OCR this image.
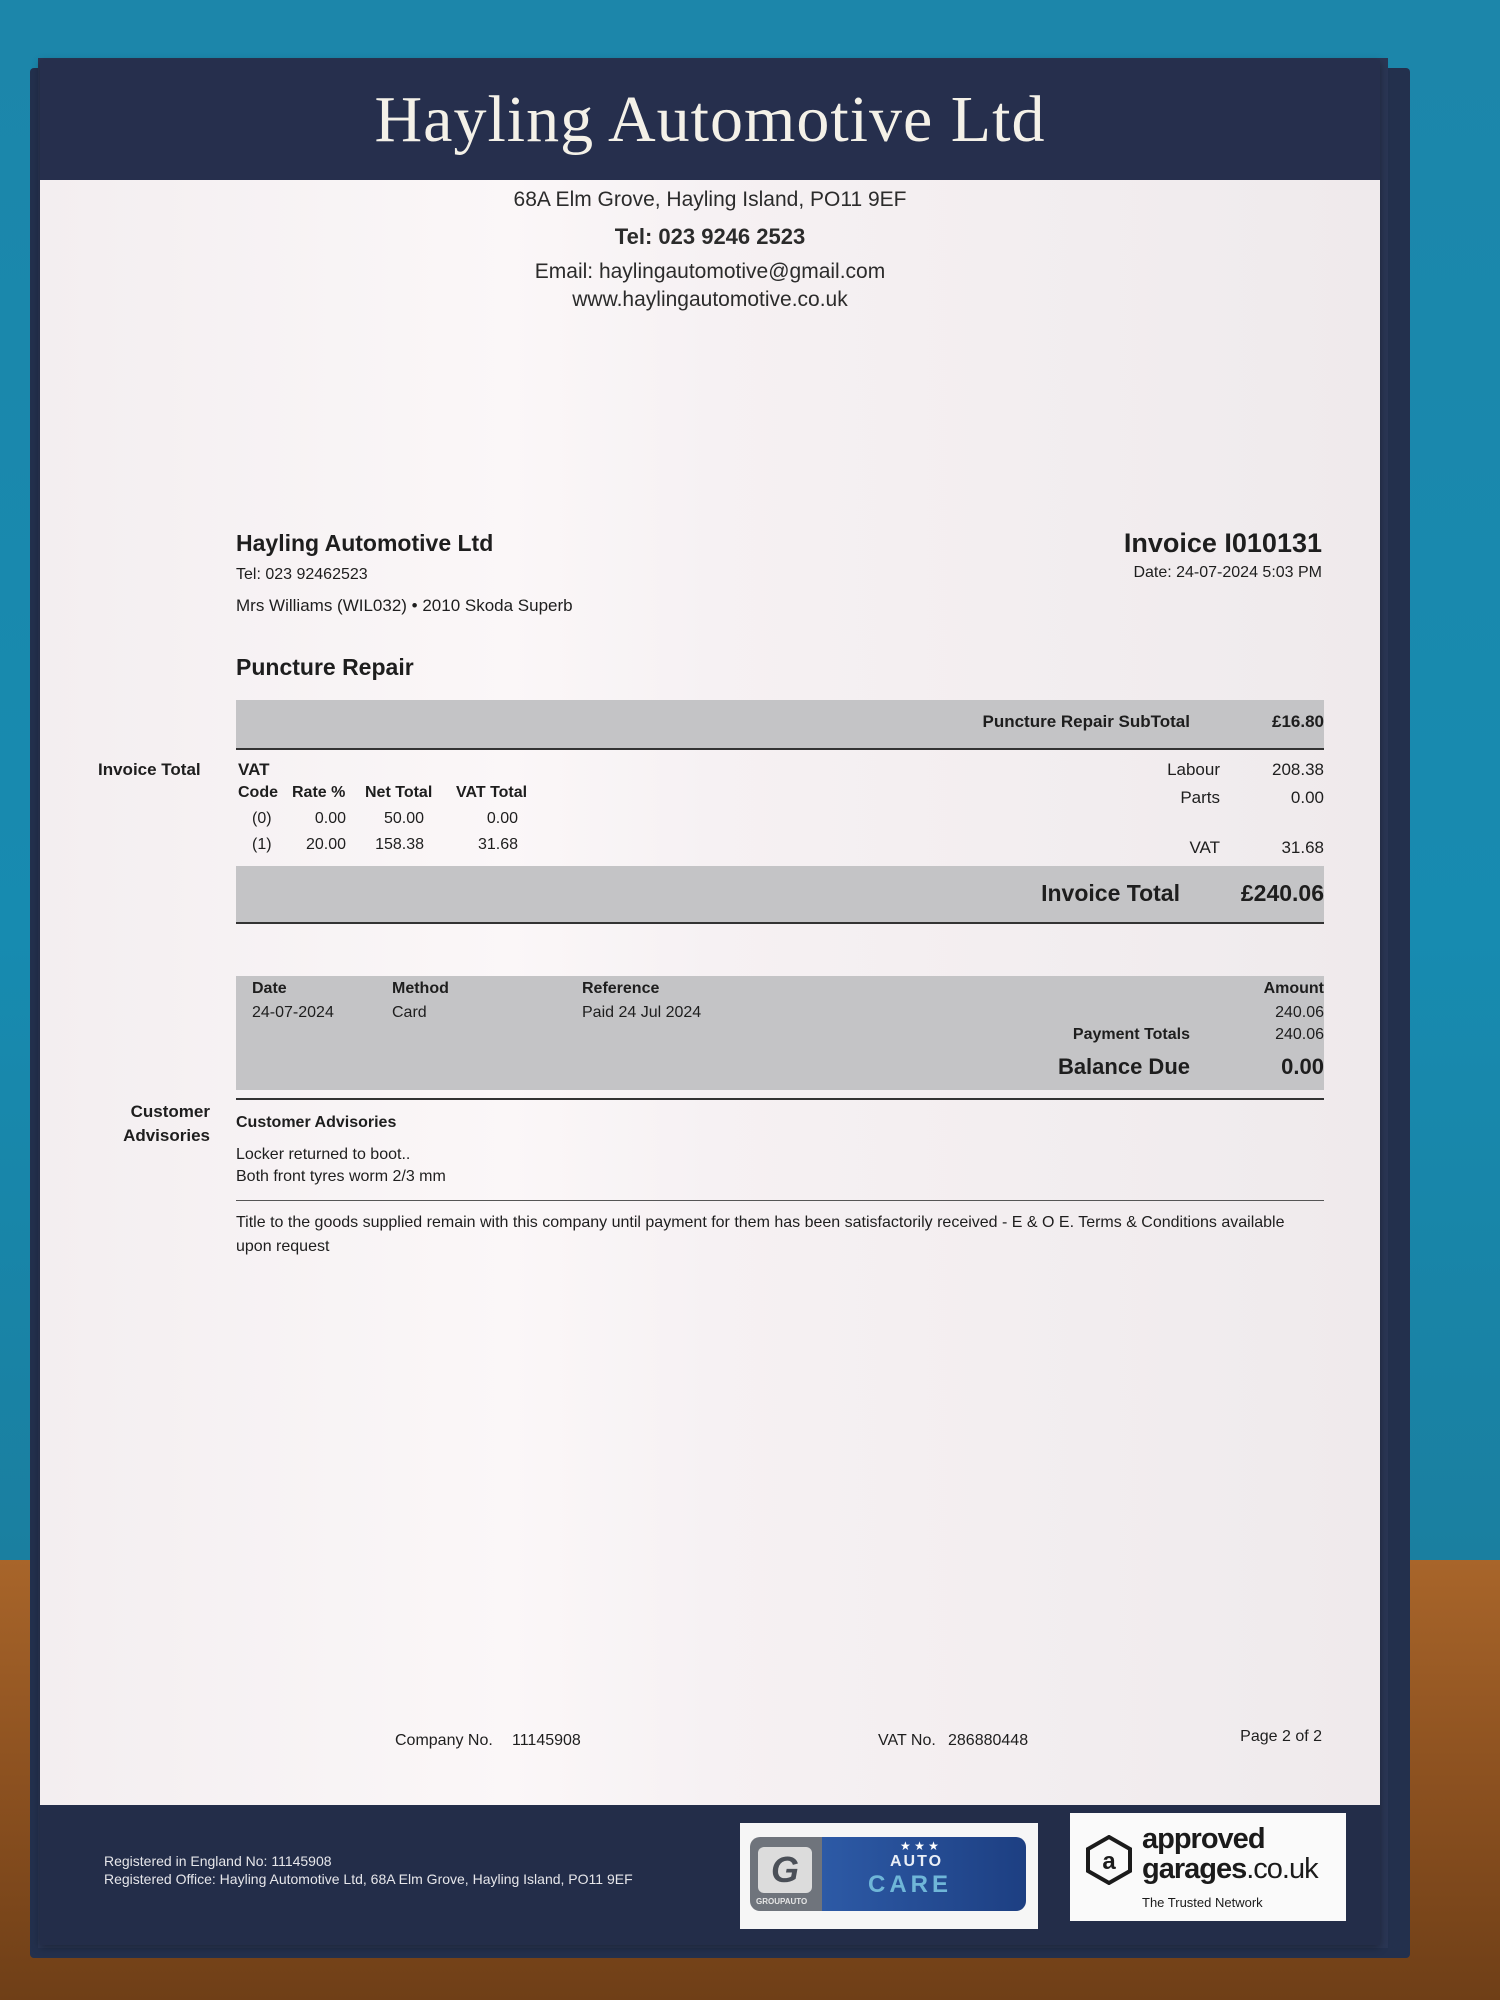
Hayling Automotive Ltd
68A Elm Grove, Hayling Island, PO11 9EF
Tel: 023 9246 2523
Email: haylingautomotive@gmail.com
www.haylingautomotive.co.uk
Hayling Automotive Ltd
Tel: 023 92462523
Mrs Williams (WIL032) • 2010 Skoda Superb
Invoice I010131
Date: 24-07-2024 5:03 PM
Puncture Repair
Puncture Repair SubTotal	£16.80
Invoice Total VAT
Code Rate % Net Total VAT Total
(0)	0.00 50.00	0.00
(1) 20.00 158.38	31.68
Labour	208.38
Parts	0.00
VAT	31.68
Invoice Total	£240.06
Date	Method	Reference	Amount
24-07-2024	Card	Paid 24 Jul 2024	240.06
Payment Totals	240.06
Balance Due	0.00
Customer
Advisories
Customer Advisories
Locker returned to boot..
Both front tyres worm 2/3 mm
Title to the goods supplied remain with this company until payment for them has been satisfactorily received - E & O E. Terms & Conditions available
upon request
Company No. 11145908	VAT No. 286880448	Page 2 of 2
Registered in England No: 11145908
Registered Office: Hayling Automotive Ltd, 68A Elm Grove, Hayling Island, PO11 9EF	G
GROUPAUTO
AUTO
CARE
★ ★ ★
a
approved
garages.co.uk
The Trusted Network
